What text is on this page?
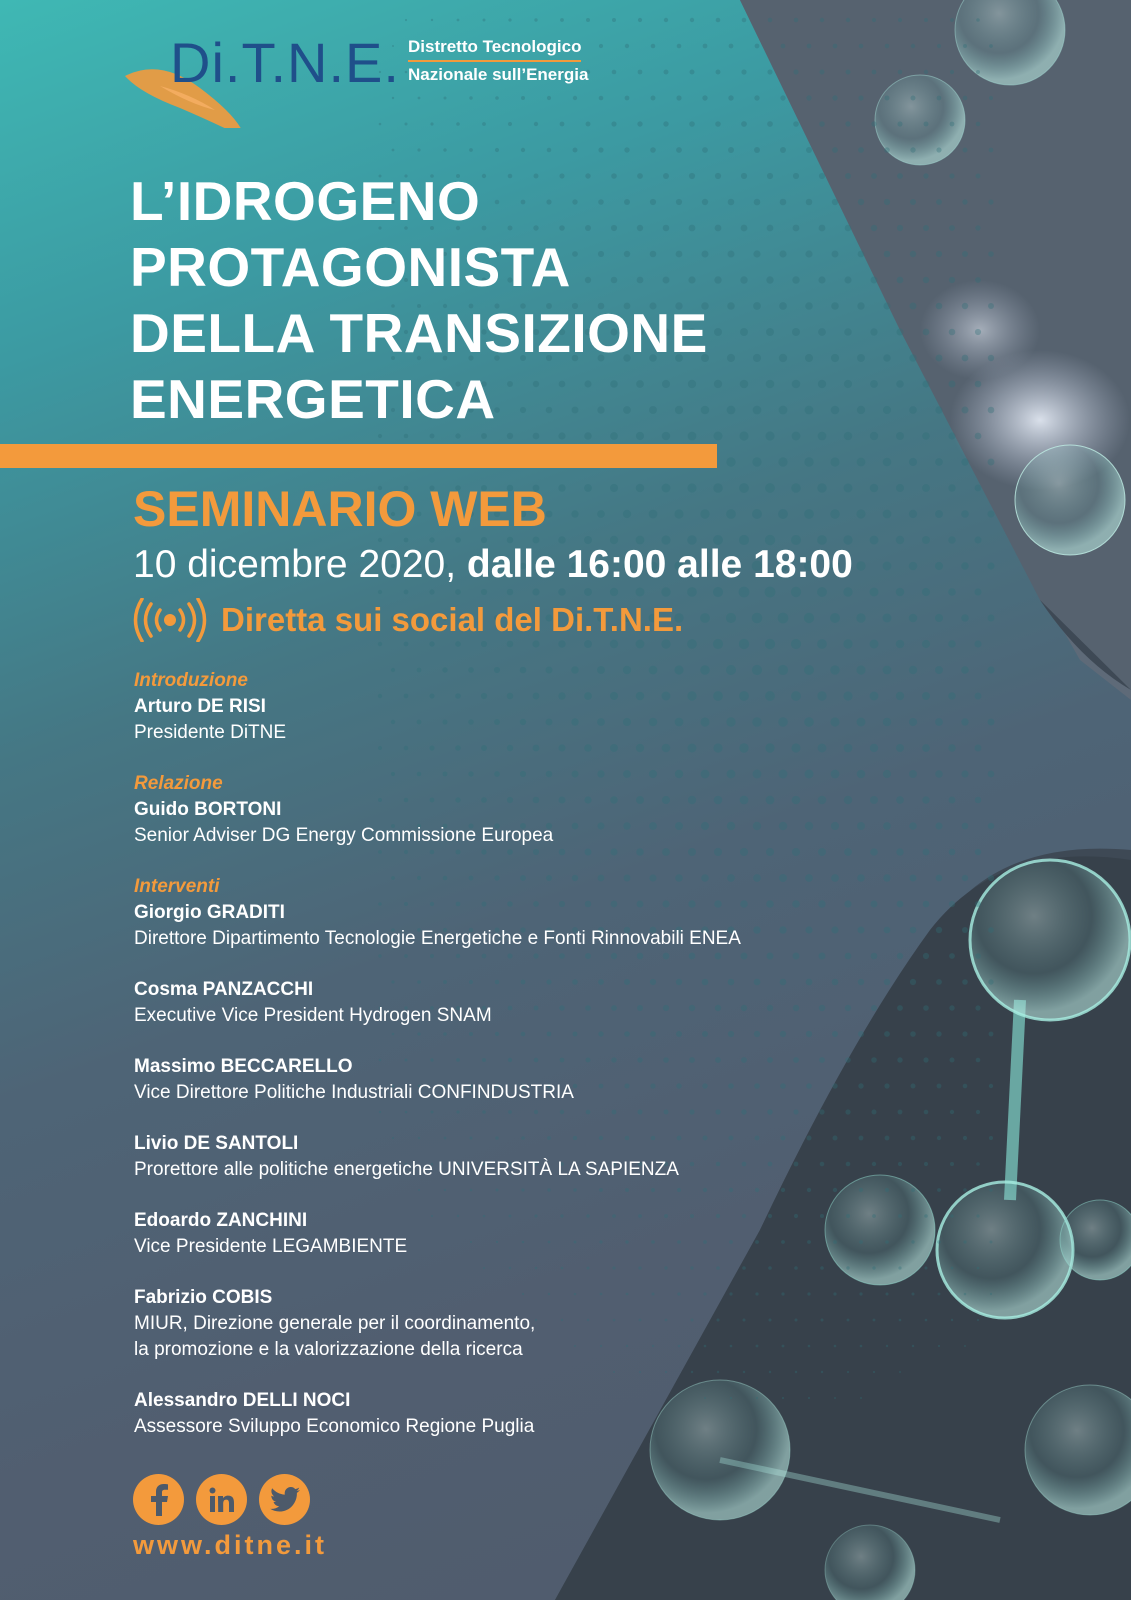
Di.T.N.E. Distretto Tecnologico
Nazionale sull’Energia
L’IDROGENO
PROTAGONISTA
DELLA TRANSIZIONE
ENERGETICA
SEMINARIO WEB
10 dicembre 2020, dalle 16:00 alle 18:00
Diretta sui social del Di.T.N.E.
Introduzione
Arturo DE RISI
Presidente DiTNE
Relazione
Guido BORTONI
Senior Adviser DG Energy Commissione Europea
Interventi
Giorgio GRADITI
Direttore Dipartimento Tecnologie Energetiche e Fonti Rinnovabili ENEA
Cosma PANZACCHI
Executive Vice President Hydrogen SNAM
Massimo BECCARELLO
Vice Direttore Politiche Industriali CONFINDUSTRIA
Livio DE SANTOLI
Prorettore alle politiche energetiche UNIVERSITÀ LA SAPIENZA
Edoardo ZANCHINI
Vice Presidente LEGAMBIENTE
Fabrizio COBIS
MIUR, Direzione generale per il coordinamento,
la promozione e la valorizzazione della ricerca
Alessandro DELLI NOCI
Assessore Sviluppo Economico Regione Puglia
www.ditne.it
